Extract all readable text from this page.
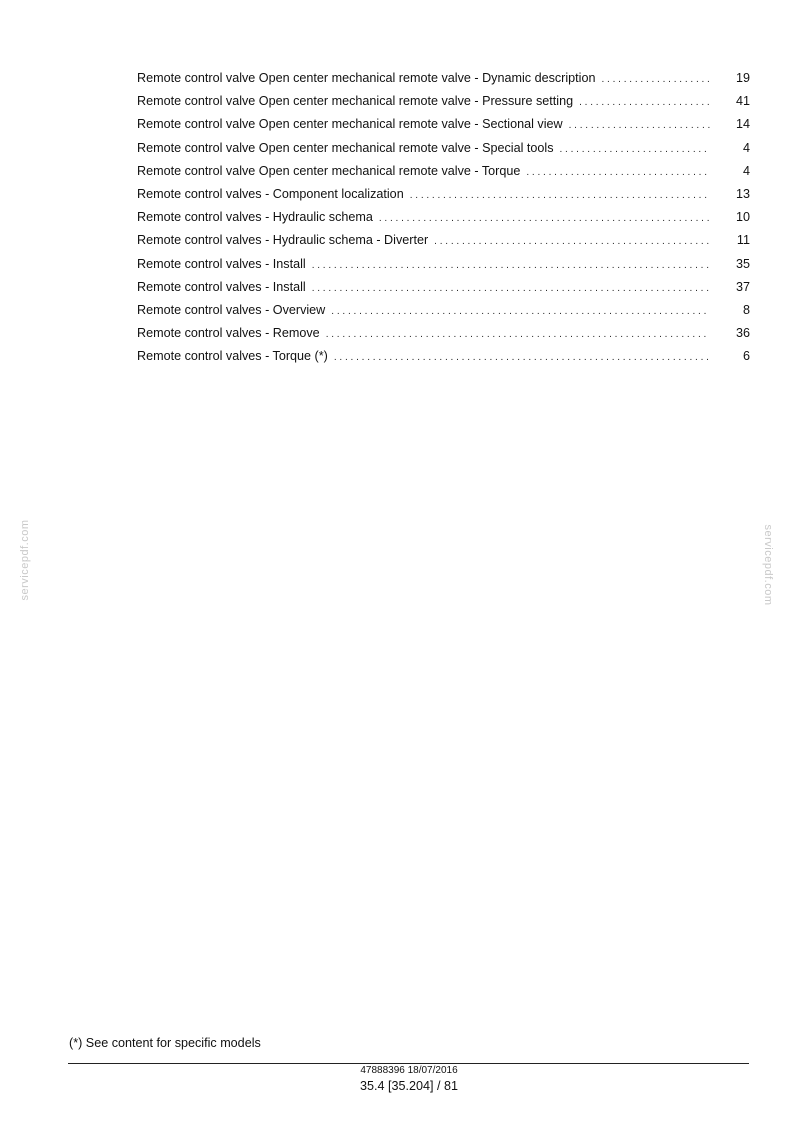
Remote control valve Open center mechanical remote valve - Dynamic description . . .	19
Remote control valve Open center mechanical remote valve - Pressure setting . . .	41
Remote control valve Open center mechanical remote valve - Sectional view . . .	14
Remote control valve Open center mechanical remote valve - Special tools . . .	4
Remote control valve Open center mechanical remote valve - Torque . . .	4
Remote control valves - Component localization . . .	13
Remote control valves - Hydraulic schema . . .	10
Remote control valves - Hydraulic schema - Diverter . . .	11
Remote control valves - Install . . .	35
Remote control valves - Install . . .	37
Remote control valves - Overview . . .	8
Remote control valves - Remove . . .	36
Remote control valves - Torque (*) . . .	6
servicepdf.com	servicepdf.com
(*) See content for specific models
47888396 18/07/2016
35.4 [35.204] / 81
